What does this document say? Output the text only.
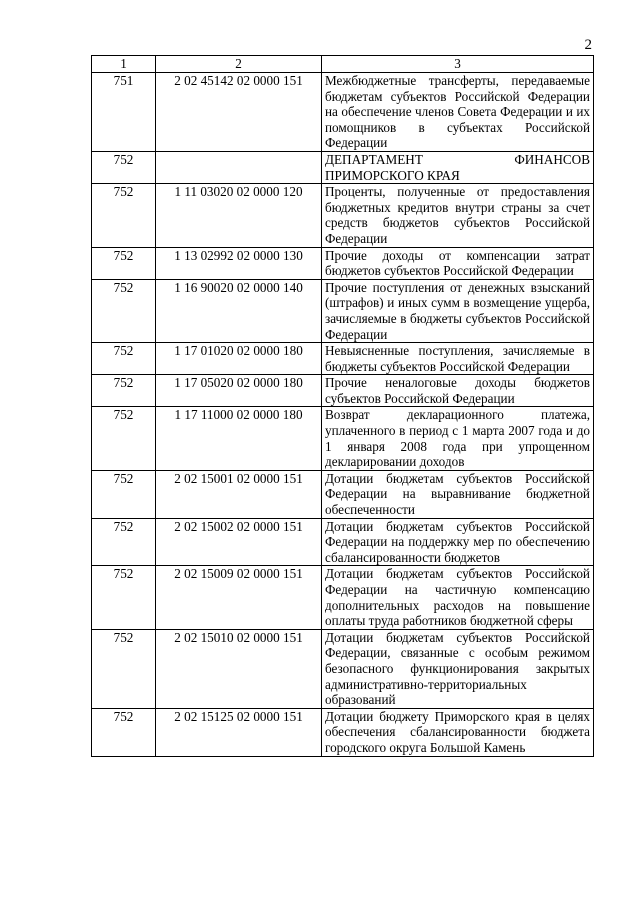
2
1	2	3
751	2 02 45142 02 0000 151	Межбюджетные трансферты, передаваемые бюджетам субъектов Российской Федерации на обеспечение членов Совета Федерации и их помощников в субъектах Российской Федерации
752		ДЕПАРТАМЕНТ ФИНАНСОВ ПРИМОРСКОГО КРАЯ
752	1 11 03020 02 0000 120	Проценты, полученные от предоставления бюджетных кредитов внутри страны за счет средств бюджетов субъектов Российской Федерации
752	1 13 02992 02 0000 130	Прочие доходы от компенсации затрат бюджетов субъектов Российской Федерации
752	1 16 90020 02 0000 140	Прочие поступления от денежных взысканий (штрафов) и иных сумм в возмещение ущерба, зачисляемые в бюджеты субъектов Российской Федерации
752	1 17 01020 02 0000 180	Невыясненные поступления, зачисляемые в бюджеты субъектов Российской Федерации
752	1 17 05020 02 0000 180	Прочие неналоговые доходы бюджетов субъектов Российской Федерации
752	1 17 11000 02 0000 180	Возврат декларационного платежа, уплаченного в период с 1 марта 2007 года и до 1 января 2008 года при упрощенном декларировании доходов
752	2 02 15001 02 0000 151	Дотации бюджетам субъектов Российской Федерации на выравнивание бюджетной обеспеченности
752	2 02 15002 02 0000 151	Дотации бюджетам субъектов Российской Федерации на поддержку мер по обеспечению сбалансированности бюджетов
752	2 02 15009 02 0000 151	Дотации бюджетам субъектов Российской Федерации на частичную компенсацию дополнительных расходов на повышение оплаты труда работников бюджетной сферы
752	2 02 15010 02 0000 151	Дотации бюджетам субъектов Российской Федерации, связанные с особым режимом безопасного функционирования закрытых административно-территориальных образований
752	2 02 15125 02 0000 151	Дотации бюджету Приморского края в целях обеспечения сбалансированности бюджета городского округа Большой Камень
